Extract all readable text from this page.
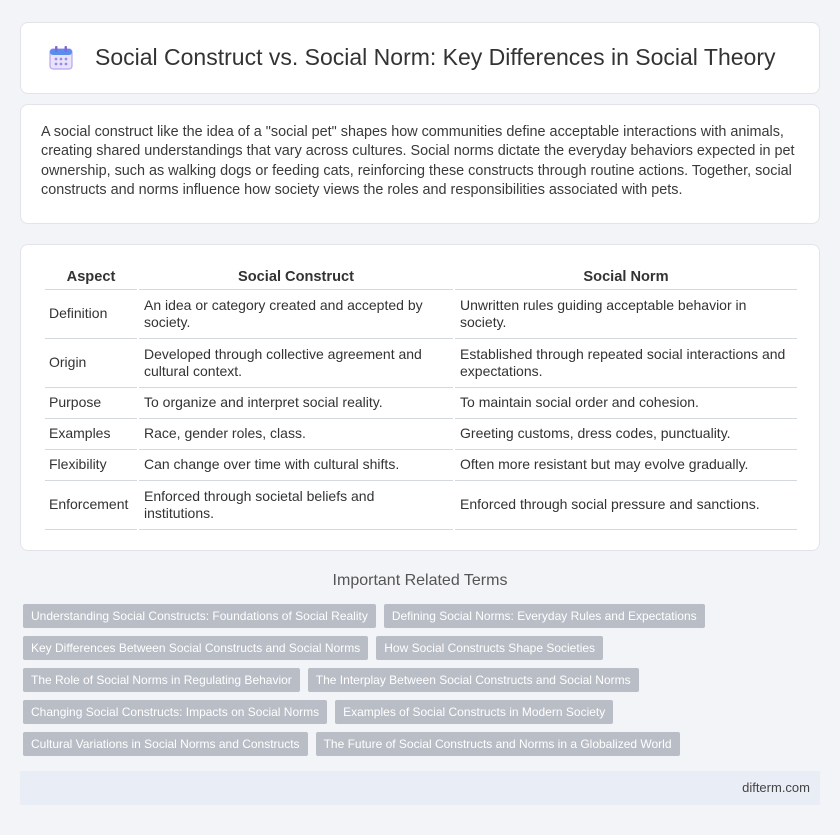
Social Construct vs. Social Norm: Key Differences in Social Theory

A social construct like the idea of a "social pet" shapes how communities define acceptable interactions with animals, creating shared understandings that vary across cultures. Social norms dictate the everyday behaviors expected in pet ownership, such as walking dogs or feeding cats, reinforcing these constructs through routine actions. Together, social constructs and norms influence how society views the roles and responsibilities associated with pets.

Aspect	Social Construct	Social Norm
Definition	An idea or category created and accepted by society.	Unwritten rules guiding acceptable behavior in society.
Origin	Developed through collective agreement and cultural context.	Established through repeated social interactions and expectations.
Purpose	To organize and interpret social reality.	To maintain social order and cohesion.
Examples	Race, gender roles, class.	Greeting customs, dress codes, punctuality.
Flexibility	Can change over time with cultural shifts.	Often more resistant but may evolve gradually.
Enforcement	Enforced through societal beliefs and institutions.	Enforced through social pressure and sanctions.
Important Related Terms
Understanding Social Constructs: Foundations of Social Reality	Defining Social Norms: Everyday Rules and Expectations
Key Differences Between Social Constructs and Social Norms	How Social Constructs Shape Societies
The Role of Social Norms in Regulating Behavior	The Interplay Between Social Constructs and Social Norms
Changing Social Constructs: Impacts on Social Norms	Examples of Social Constructs in Modern Society
Cultural Variations in Social Norms and Constructs	The Future of Social Constructs and Norms in a Globalized World
difterm.com
